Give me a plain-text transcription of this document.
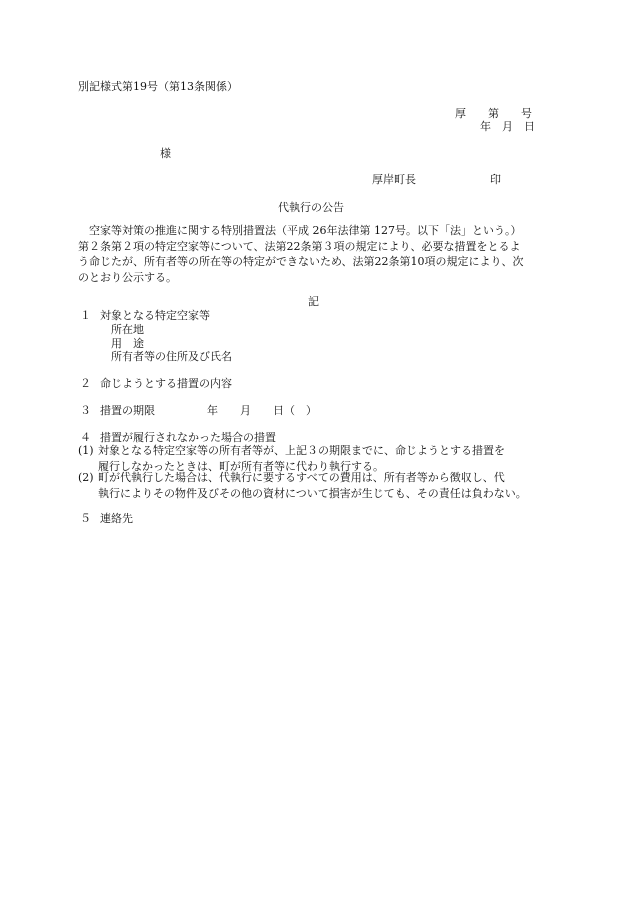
別記様式第19号（第13条関係）
厚　　第　　号
年　月　日
様
厚岸町長	印
代執行の公告
　空家等対策の推進に関する特別措置法（平成 26年法律第 127号。以下「法」という。）
第２条第２項の特定空家等について、法第22条第３項の規定により、必要な措置をとるよ
う命じたが、所有者等の所在等の特定ができないため、法第22条第10項の規定により、次
のとおり公示する。
記
１ 対象となる特定空家等
所在地
用　途
所有者等の住所及び氏名
２ 命じようとする措置の内容
３ 措置の期限	年　　月　　日（　）
４ 措置が履行されなかった場合の措置
(1) 対象となる特定空家等の所有者等が、上記３の期限までに、命じようとする措置を
履行しなかったときは、町が所有者等に代わり執行する。
(2) 町が代執行した場合は、代執行に要するすべての費用は、所有者等から徴収し、代
執行によりその物件及びその他の資材について損害が生じても、その責任は負わない。
５ 連絡先
